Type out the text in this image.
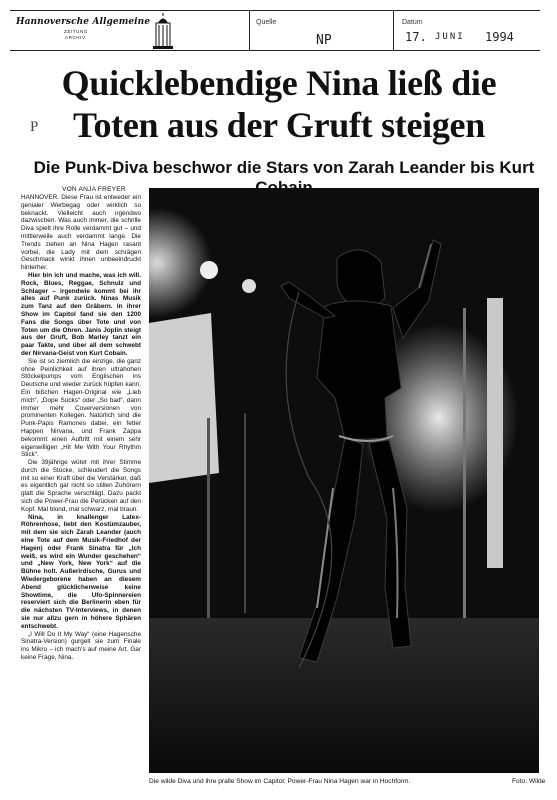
Hannoversche Allgemeine
ZEITUNG
ARCHIV
Quelle
NP
Datum
17. JUNI 1994
Quicklebendige Nina ließ die
Toten aus der Gruft steigen
P
Die Punk-Diva beschwor die Stars von Zarah Leander bis Kurt
VON ANJA FREYER

HANNOVER. Diese Frau ist entweder ein genialer Werbegag oder wirklich so beknackt. Vielleicht auch irgendwo dazwischen. Was auch immer, die schrille Diva spielt ihre Rolle verdammt gut – und mittlerweile auch verdammt lange. Die Trends ziehen an Nina Hagen rasant vorbei, die Lady mit dem schrägen Geschmack winkt ihnen unbeeindruckt hinterher.

Hier bin ich und mache, was ich will. Rock, Blues, Reggae, Schnulz und Schlager – irgendwie kommt bei ihr alles auf Punk zurück. Ninas Musik zum Tanz auf den Gräbern. In ihrer Show im Capitol fand sie den 1200 Fans die Songs über Tote und von Toten um die Ohren. Janis Joplin steigt aus der Gruft, Bob Marley tanzt ein paar Takte, und über all dem schwebt der Nirvana-Geist von Kurt Cobain.

Sie ist so ziemlich die einzige, die ganz ohne Peinlichkeit auf ihren ultrahohen Stöckelpumps vom Englischen ins Deutsche und wieder zurück hüpfen kann. Ein bißchen Hagen-Original wie „Lieb mich“, „Dope Sucks“ oder „So bad“, dann immer mehr Coverversionen von prominenten Kollegen. Natürlich sind die Punk-Papis Ramones dabei, ein fetter Happen Nirvana, und Frank Zappa bekommt einen Auftritt mit einem sehr eigenwilligen „Hit Me With Your Rhythm Stick“.

Die 39jährige wütet mit ihrer Stimme durch die Stücke, schleudert die Songs mit so einer Kraft über die Verstärker, daß es eigentlich gar nicht so stillen Zuhörern glatt die Sprache verschlägt. Dazu packt sich die Power-Frau die Perücken auf den Kopf. Mal blond, mal schwarz, mal braun.

Nina, in knallenger Latex-Röhrenhose, liebt den Kostümzauber, mit dem sie sich Zarah Leander (auch eine Tote auf dem Musik-Friedhof der Hagen) oder Frank Sinatra für „Ich weiß, es wird ein Wunder geschehen“ und „New York, New York“ auf die Bühne holt. Außerirdische, Gurus und Wiedergeborene haben an diesem Abend glücklicherweise keine Showtime, die Ufo-Spinnereien reserviert sich die Berlinerin eben für die nächsten TV-Interviews, in denen sie nur allzu gern in höhere Sphären entschwebt.

„I Will Do It My Way“ (eine Hagensche Sinatra-Version) gurgelt sie zum Finale ins Mikro – ich mach's auf meine Art. Gar keine Frage, Nina.

Die wilde Diva und ihre pralle Show im Capitol: Power-Frau Nina Hagen war in Hochform.	Foto: Wilde
